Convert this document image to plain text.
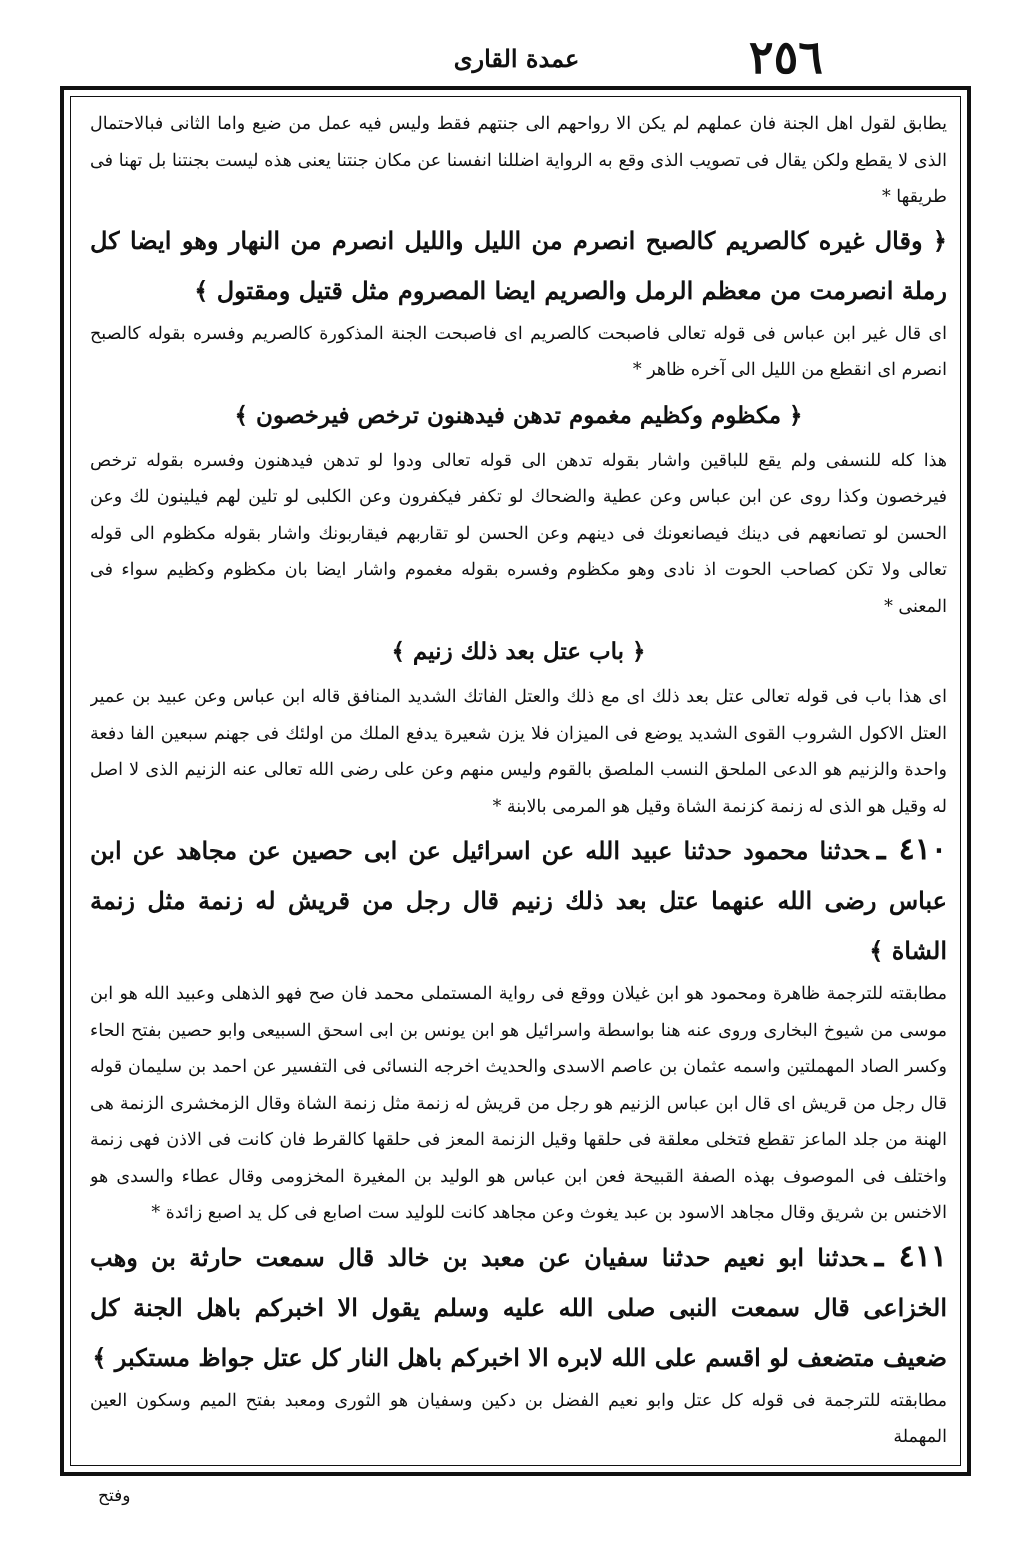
٢٥٦
عمدة القارى

يطابق لقول اهل الجنة فان عملهم لم يكن الا رواحهم الى جنتهم فقط وليس فيه عمل من ضيع واما الثانى فبالاحتمال الذى لا يقطع ولكن يقال فى تصويب الذى وقع به الرواية اضللنا انفسنا عن مكان جنتنا يعنى هذه ليست بجنتنا بل تهنا فى طريقها *

﴿ وقال غيره كالصريم كالصبح انصرم من الليل والليل انصرم من النهار وهو ايضا كل رملة انصرمت من معظم الرمل والصريم ايضا المصروم مثل قتيل ومقتول ﴾

اى قال غير ابن عباس فى قوله تعالى فاصبحت كالصريم اى فاصبحت الجنة المذكورة كالصريم وفسره بقوله كالصبح انصرم اى انقطع من الليل الى آخره ظاهر *

﴿ مكظوم وكظيم مغموم تدهن فيدهنون ترخص فيرخصون ﴾

هذا كله للنسفى ولم يقع للباقين واشار بقوله تدهن الى قوله تعالى ودوا لو تدهن فيدهنون وفسره بقوله ترخص فيرخصون وكذا روى عن ابن عباس وعن عطية والضحاك لو تكفر فيكفرون وعن الكلبى لو تلين لهم فيلينون لك وعن الحسن لو تصانعهم فى دينك فيصانعونك فى دينهم وعن الحسن لو تقاربهم فيقاربونك واشار بقوله مكظوم الى قوله تعالى ولا تكن كصاحب الحوت اذ نادى وهو مكظوم وفسره بقوله مغموم واشار ايضا بان مكظوم وكظيم سواء فى المعنى *

﴿ باب عتل بعد ذلك زنيم ﴾

اى هذا باب فى قوله تعالى عتل بعد ذلك اى مع ذلك والعتل الفاتك الشديد المنافق قاله ابن عباس وعن عبيد بن عمير العتل الاكول الشروب القوى الشديد يوضع فى الميزان فلا يزن شعيرة يدفع الملك من اولئك فى جهنم سبعين الفا دفعة واحدة والزنيم هو الدعى الملحق النسب الملصق بالقوم وليس منهم وعن على رضى الله تعالى عنه الزنيم الذى لا اصل له وقيل هو الذى له زنمة كزنمة الشاة وقيل هو المرمى بالابنة *

٤١٠ ـحدثنا محمود حدثنا عبيد الله عن اسرائيل عن ابى حصين عن مجاهد عن ابن عباس رضى الله عنهما عتل بعد ذلك زنيم قال رجل من قريش له زنمة مثل زنمة الشاة ﴾

مطابقته للترجمة ظاهرة ومحمود هو ابن غيلان ووقع فى رواية المستملى محمد فان صح فهو الذهلى وعبيد الله هو ابن موسى من شيوخ البخارى وروى عنه هنا بواسطة واسرائيل هو ابن يونس بن ابى اسحق السبيعى وابو حصين بفتح الحاء وكسر الصاد المهملتين واسمه عثمان بن عاصم الاسدى والحديث اخرجه النسائى فى التفسير عن احمد بن سليمان قوله قال رجل من قريش اى قال ابن عباس الزنيم هو رجل من قريش له زنمة مثل زنمة الشاة وقال الزمخشرى الزنمة هى الهنة من جلد الماعز تقطع فتخلى معلقة فى حلقها وقيل الزنمة المعز فى حلقها كالقرط فان كانت فى الاذن فهى زنمة واختلف فى الموصوف بهذه الصفة القبيحة فعن ابن عباس هو الوليد بن المغيرة المخزومى وقال عطاء والسدى هو الاخنس بن شريق وقال مجاهد الاسود بن عبد يغوث وعن مجاهد كانت للوليد ست اصابع فى كل يد اصبع زائدة *

٤١١ ـحدثنا ابو نعيم حدثنا سفيان عن معبد بن خالد قال سمعت حارثة بن وهب الخزاعى قال سمعت النبى صلى الله عليه وسلم يقول الا اخبركم باهل الجنة كل ضعيف متضعف لو اقسم على الله لابره الا اخبركم باهل النار كل عتل جواظ مستكبر ﴾

مطابقته للترجمة فى قوله كل عتل وابو نعيم الفضل بن دكين وسفيان هو الثورى ومعبد بفتح الميم وسكون العين المهملة

وفتح
